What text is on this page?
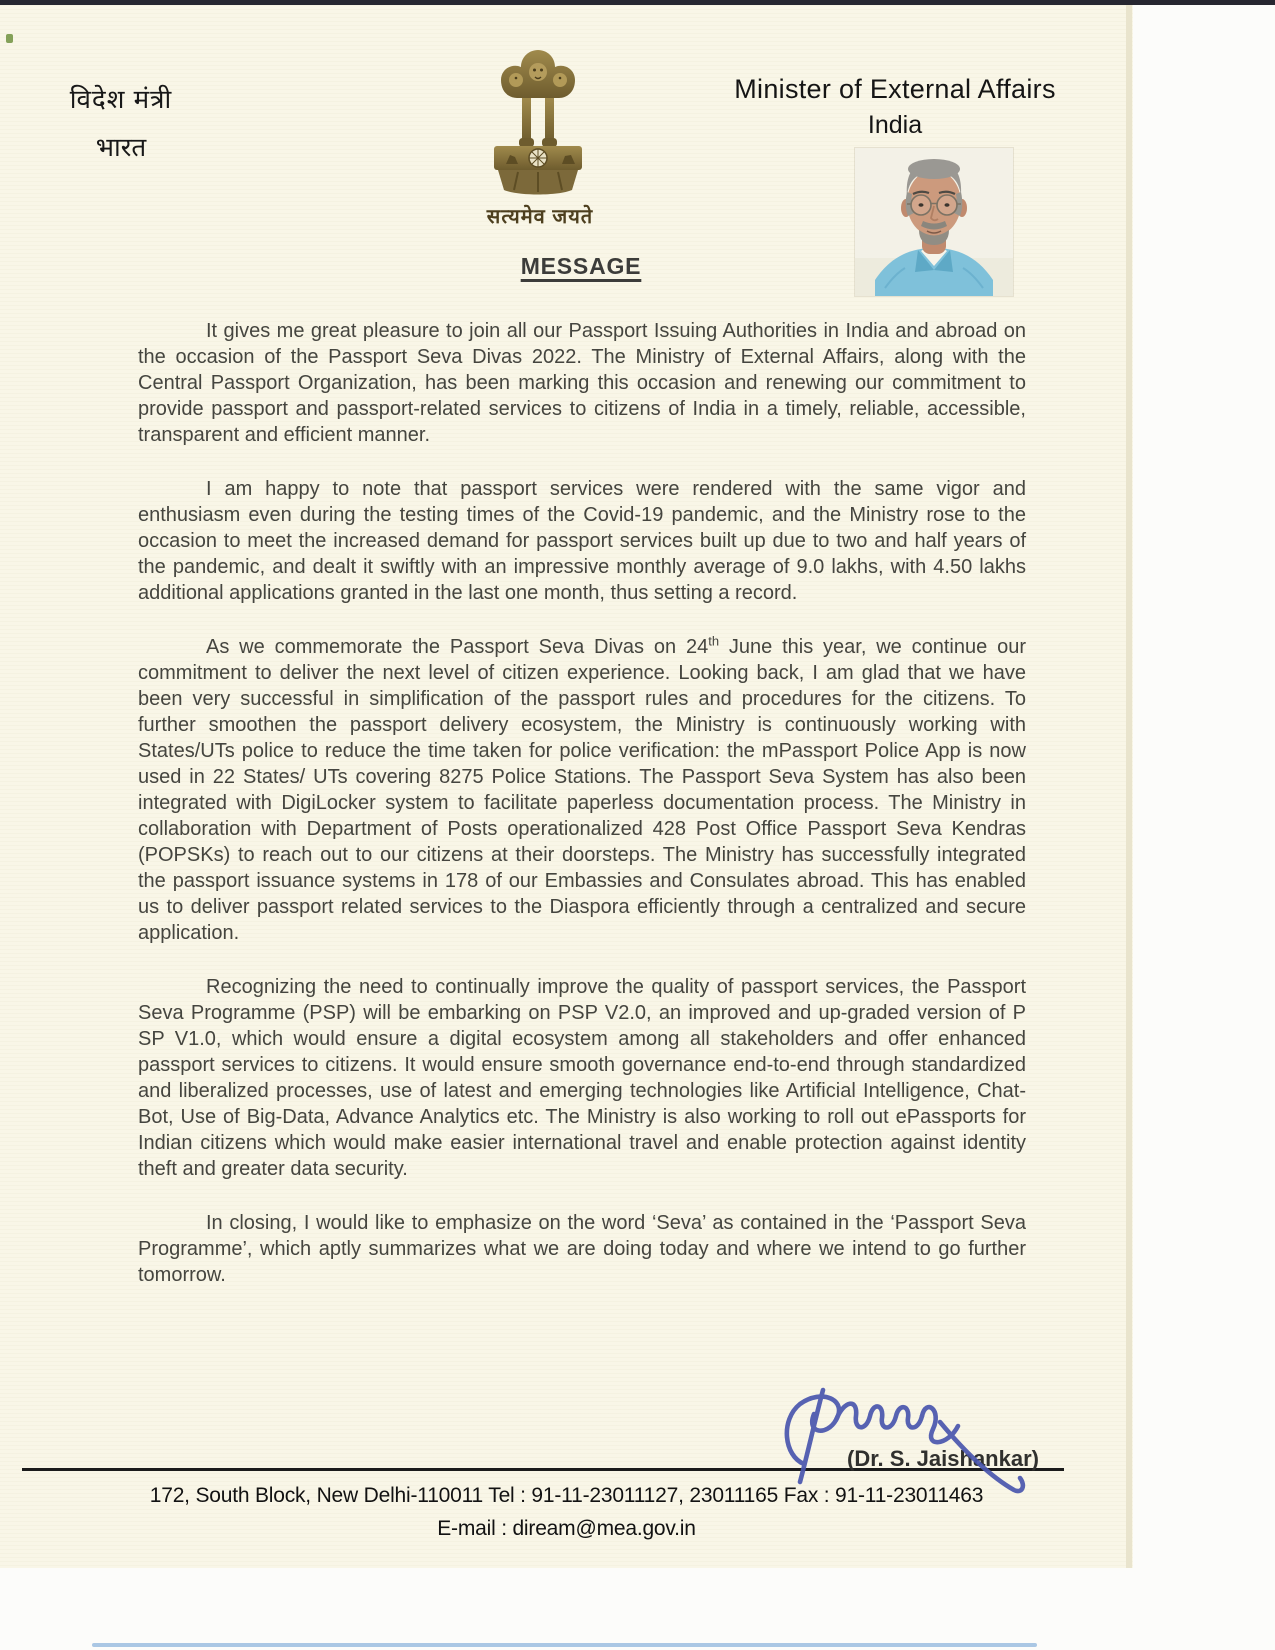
विदेश मंत्री
भारत
सत्यमेव जयते
Minister of External Affairs
India
MESSAGE

It gives me great pleasure to join all our Passport Issuing Authorities in India and abroad on the occasion of the Passport Seva Divas 2022. The Ministry of External Affairs, along with the Central Passport Organization, has been marking this occasion and renewing our commitment to provide passport and passport-related services to citizens of India in a timely, reliable, accessible, transparent and efficient manner.

I am happy to note that passport services were rendered with the same vigor and enthusiasm even during the testing times of the Covid-19 pandemic, and the Ministry rose to the occasion to meet the increased demand for passport services built up due to two and half years of the pandemic, and dealt it swiftly with an impressive monthly average of 9.0 lakhs, with 4.50 lakhs additional applications granted in the last one month, thus setting a record.

As we commemorate the Passport Seva Divas on 24th June this year, we continue our commitment to deliver the next level of citizen experience. Looking back, I am glad that we have been very successful in simplification of the passport rules and procedures for the citizens. To further smoothen the passport delivery ecosystem, the Ministry is continuously working with States/UTs police to reduce the time taken for police verification: the mPassport Police App is now used in 22 States/ UTs covering 8275 Police Stations. The Passport Seva System has also been integrated with DigiLocker system to facilitate paperless documentation process. The Ministry in collaboration with Department of Posts operationalized 428 Post Office Passport Seva Kendras (POPSKs) to reach out to our citizens at their doorsteps. The Ministry has successfully integrated the passport issuance systems in 178 of our Embassies and Consulates abroad. This has enabled us to deliver passport related services to the Diaspora efficiently through a centralized and secure application.

Recognizing the need to continually improve the quality of passport services, the Passport Seva Programme (PSP) will be embarking on PSP V2.0, an improved and up-graded version of P SP V1.0, which would ensure a digital ecosystem among all stakeholders and offer enhanced passport services to citizens. It would ensure smooth governance end-to-end through standardized and liberalized processes, use of latest and emerging technologies like Artificial Intelligence, Chat-Bot, Use of Big-Data, Advance Analytics etc. The Ministry is also working to roll out ePassports for Indian citizens which would make easier international travel and enable protection against identity theft and greater data security.

In closing, I would like to emphasize on the word ‘Seva’ as contained in the ‘Passport Seva Programme’, which aptly summarizes what we are doing today and where we intend to go further tomorrow.

(Dr. S. Jaishankar)
172, South Block, New Delhi-110011 Tel : 91-11-23011127, 23011165 Fax : 91-11-23011463
E-mail : diream@mea.gov.in
